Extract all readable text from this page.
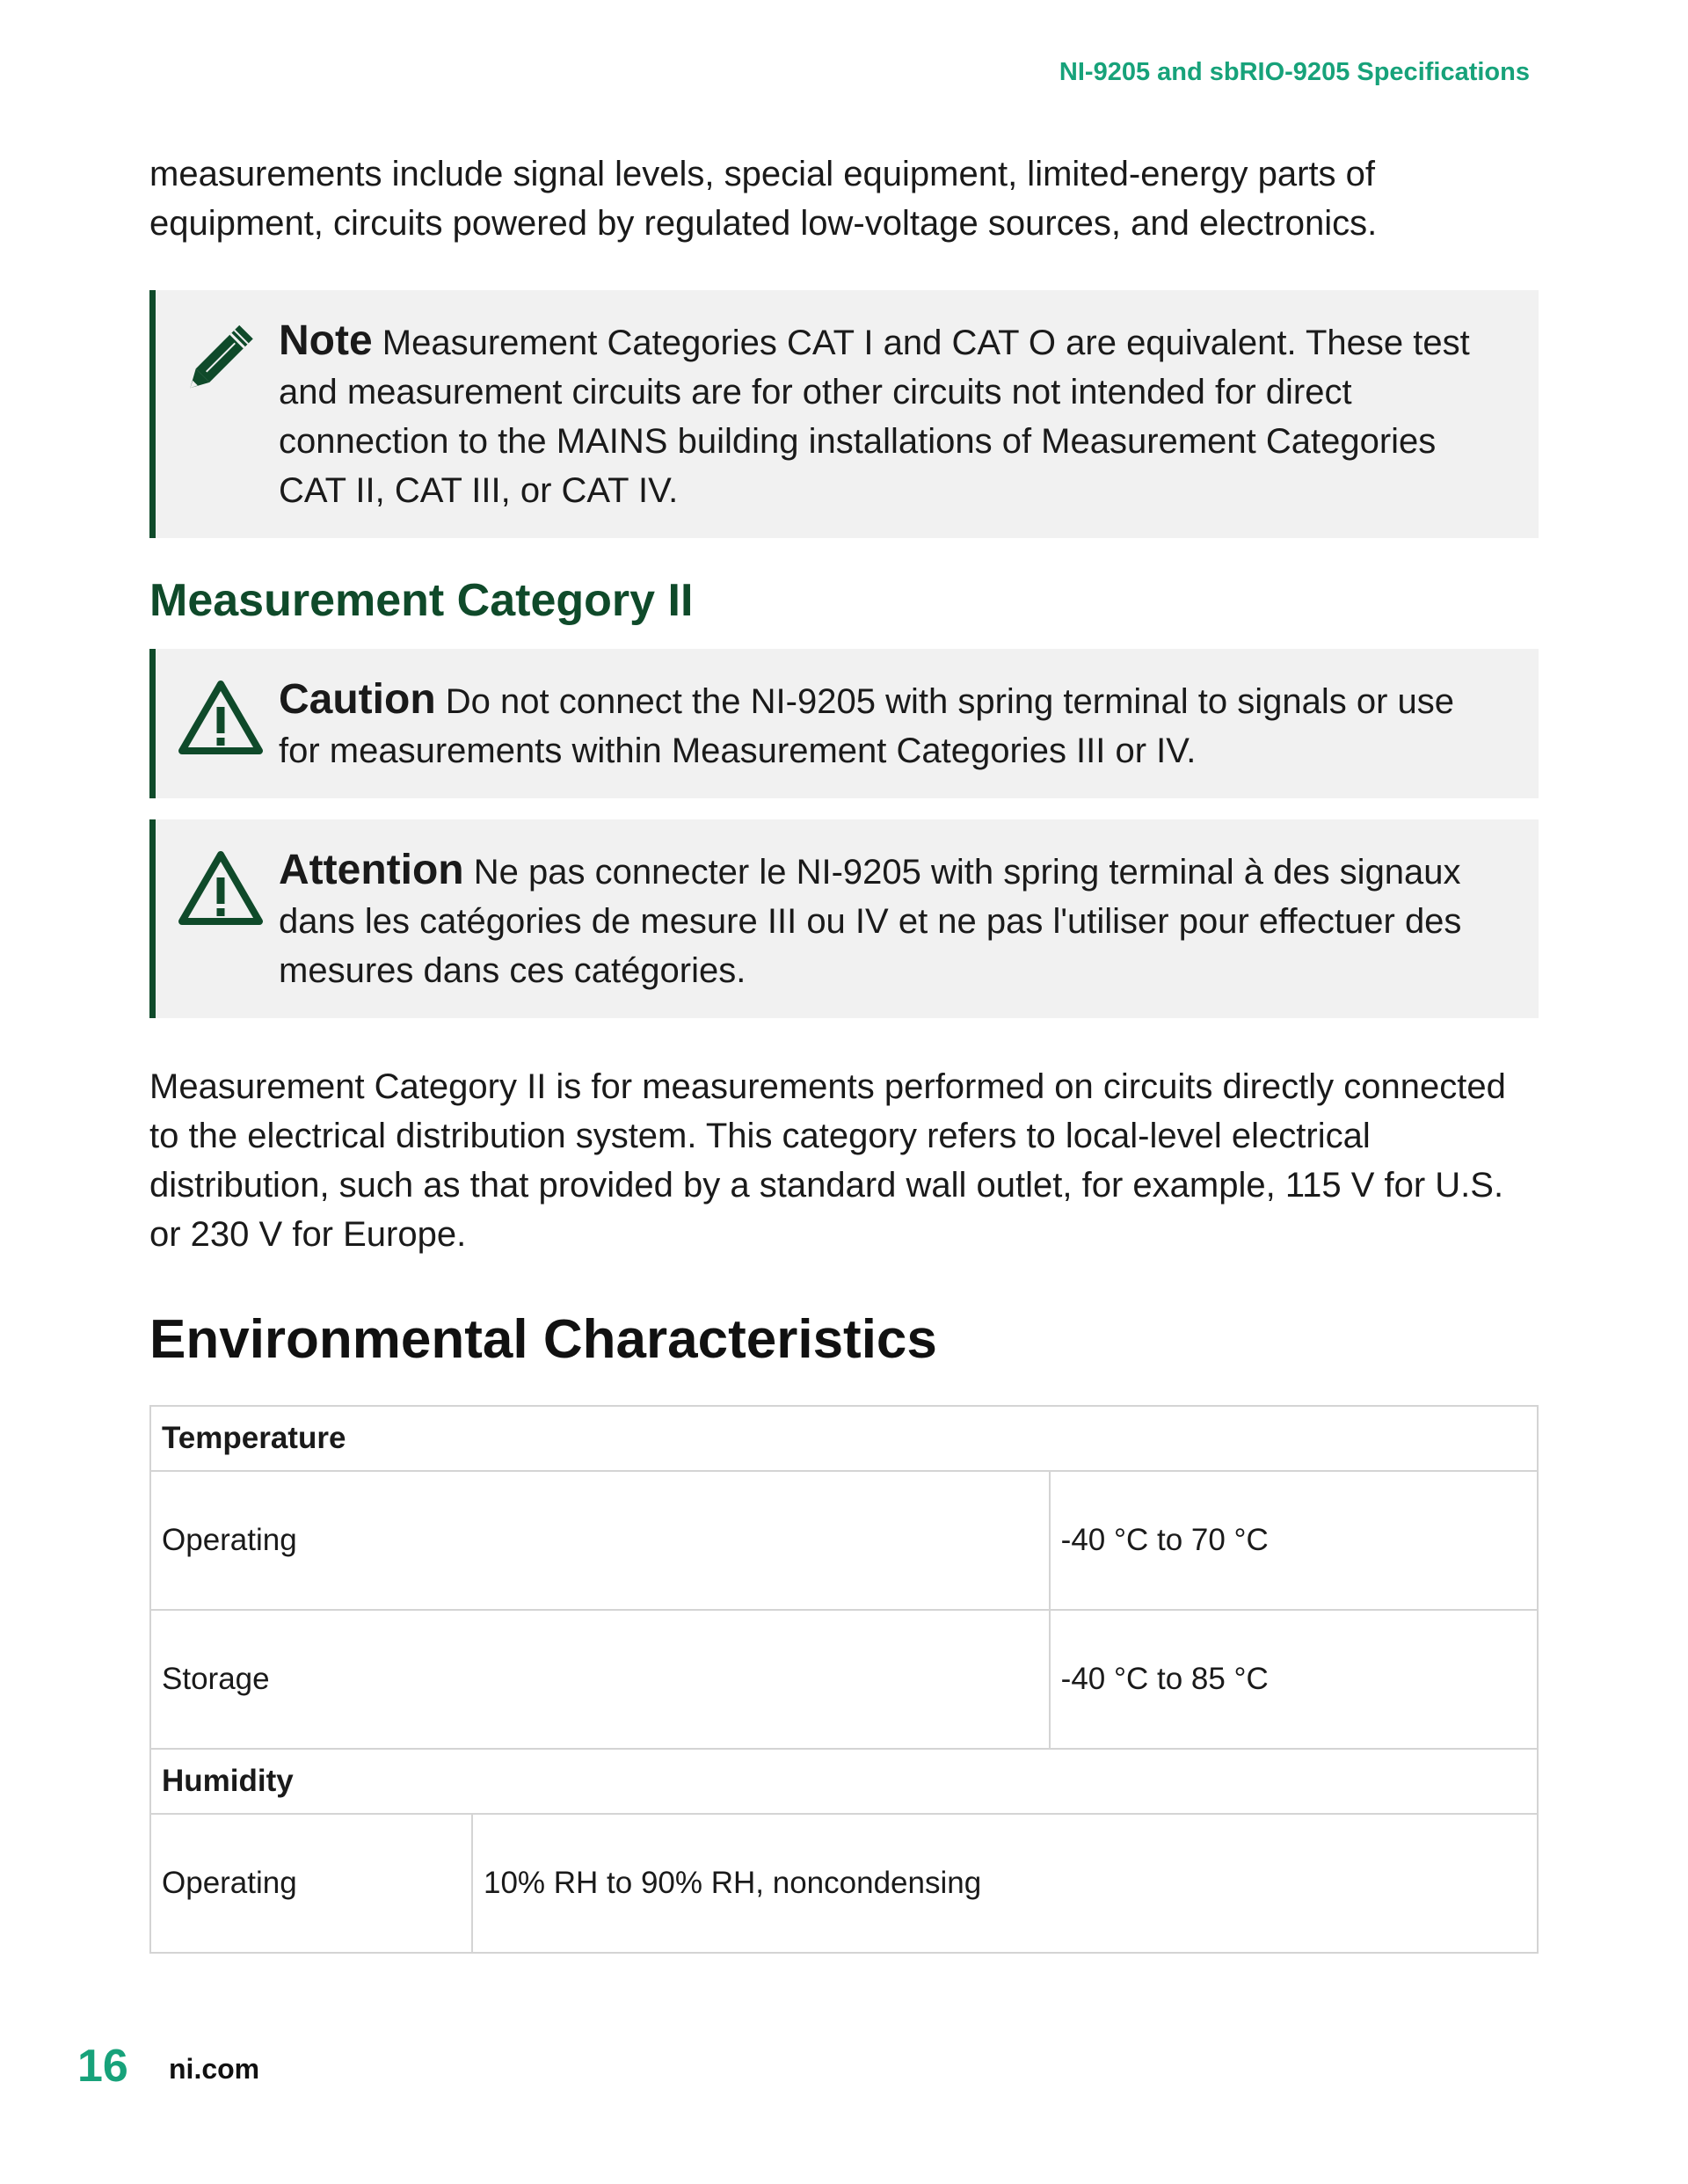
NI-9205 and sbRIO-9205 Specifications

measurements include signal levels, special equipment, limited-energy parts of equipment, circuits powered by regulated low-voltage sources, and electronics.

Note Measurement Categories CAT I and CAT O are equivalent. These test and measurement circuits are for other circuits not intended for direct connection to the MAINS building installations of Measurement Categories CAT II, CAT III, or CAT IV.

Measurement Category II

Caution Do not connect the NI-9205 with spring terminal to signals or use for measurements within Measurement Categories III or IV.

Attention Ne pas connecter le NI-9205 with spring terminal à des signaux dans les catégories de mesure III ou IV et ne pas l'utiliser pour effectuer des mesures dans ces catégories.

Measurement Category II is for measurements performed on circuits directly connected to the electrical distribution system. This category refers to local-level electrical distribution, such as that provided by a standard wall outlet, for example, 115 V for U.S. or 230 V for Europe.

Environmental Characteristics
Temperature		
Operating		-40 °C to 70 °C
Storage		-40 °C to 85 °C
Humidity		
Operating	10% RH to 90% RH, noncondensing	
16 ni.com
